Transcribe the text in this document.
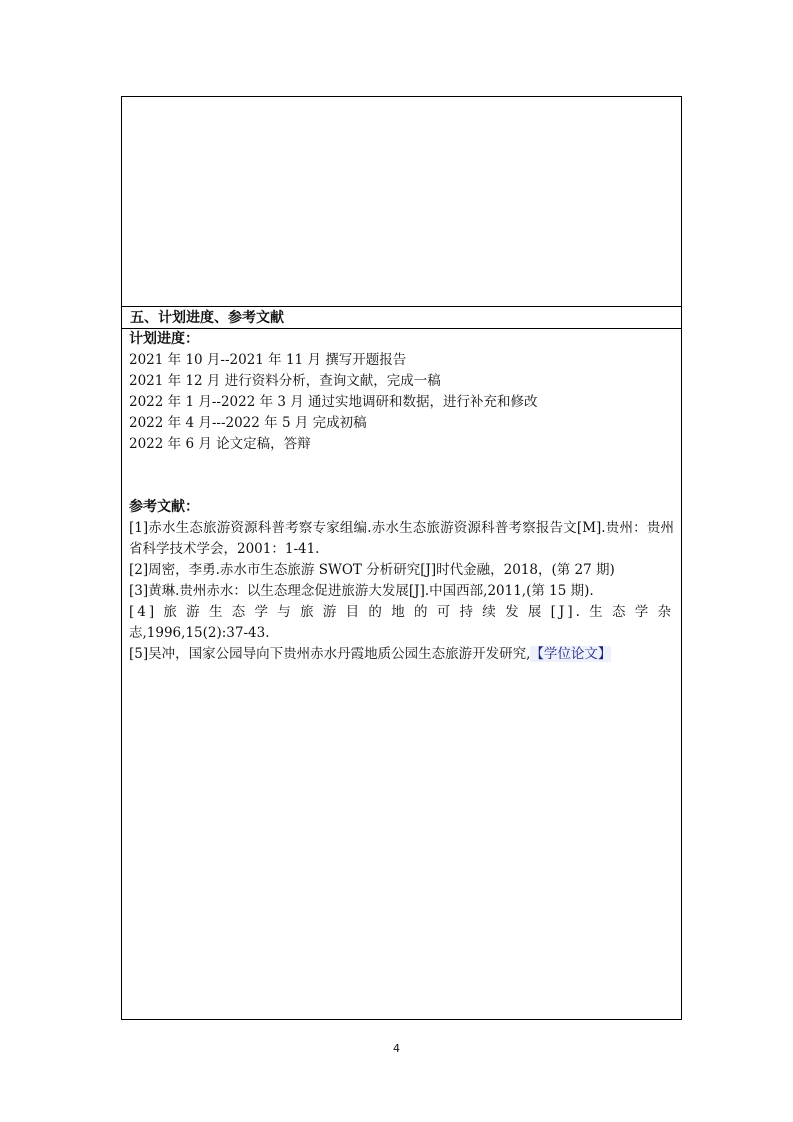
五、计划进度、参考文献
计划进度：
2021 年 10 月--2021 年 11 月 撰写开题报告
2021 年 12 月 进行资料分析，查询文献，完成一稿
2022 年 1 月--2022 年 3 月 通过实地调研和数据，进行补充和修改
2022 年 4 月---2022 年 5 月 完成初稿
2022 年 6 月 论文定稿，答辩
参考文献：
[1]赤水生态旅游资源科普考察专家组编.赤水生态旅游资源科普考察报告文[M].贵州：贵州省科学技术学会，2001：1-41.
[2]周密，李勇.赤水市生态旅游 SWOT 分析研究[J]时代金融，2018，(第 27 期)
[3]黄琳.贵州赤水：以生态理念促进旅游大发展[J].中国西部,2011,(第 15 期).
[4]旅游生态学与旅游目的地的可持续发展[J].生态学杂
志,1996,15(2):37-43.
[5]吴冲，国家公园导向下贵州赤水丹霞地质公园生态旅游开发研究,【学位论文】
4
